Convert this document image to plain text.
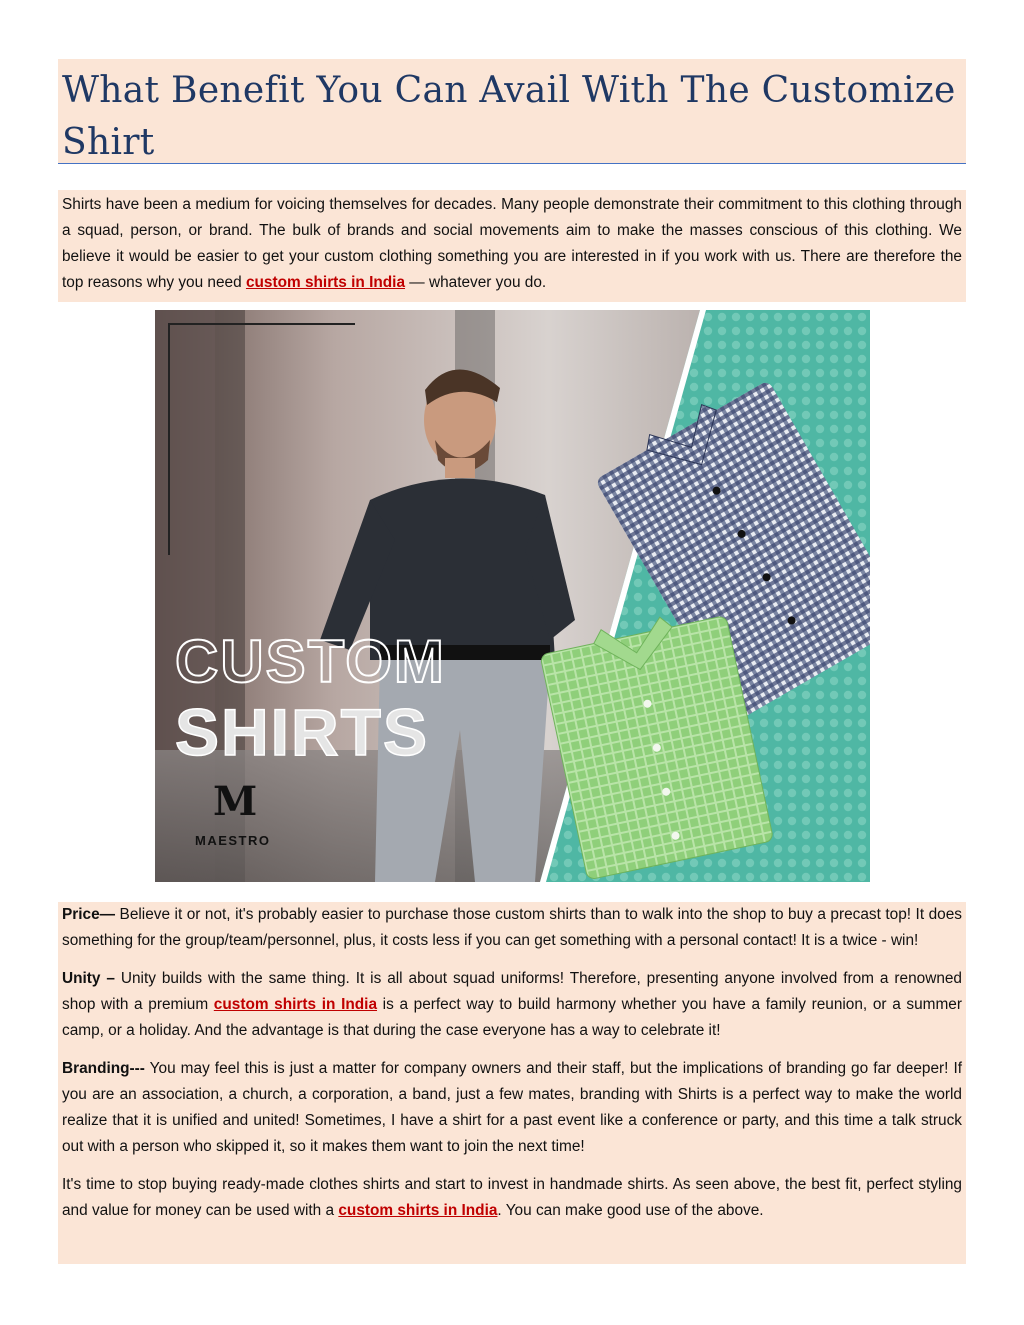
What Benefit You Can Avail With The Customize Shirt

Shirts have been a medium for voicing themselves for decades. Many people demonstrate their commitment to this clothing through a squad, person, or brand. The bulk of brands and social movements aim to make the masses conscious of this clothing. We believe it would be easier to get your custom clothing something you are interested in if you work with us. There are therefore the top reasons why you need custom shirts in India — whatever you do.

CUSTOM
SHIRTS
M
MAESTRO

Price— Believe it or not, it's probably easier to purchase those custom shirts than to walk into the shop to buy a precast top! It does something for the group/team/personnel, plus, it costs less if you can get something with a personal contact! It is a twice - win!

Unity – Unity builds with the same thing. It is all about squad uniforms! Therefore, presenting anyone involved from a renowned shop with a premium custom shirts in India is a perfect way to build harmony whether you have a family reunion, or a summer camp, or a holiday. And the advantage is that during the case everyone has a way to celebrate it!

Branding--- You may feel this is just a matter for company owners and their staff, but the implications of branding go far deeper! If you are an association, a church, a corporation, a band, just a few mates, branding with Shirts is a perfect way to make the world realize that it is unified and united! Sometimes, I have a shirt for a past event like a conference or party, and this time a talk struck out with a person who skipped it, so it makes them want to join the next time!

It's time to stop buying ready-made clothes shirts and start to invest in handmade shirts. As seen above, the best fit, perfect styling and value for money can be used with a custom shirts in India. You can make good use of the above.
